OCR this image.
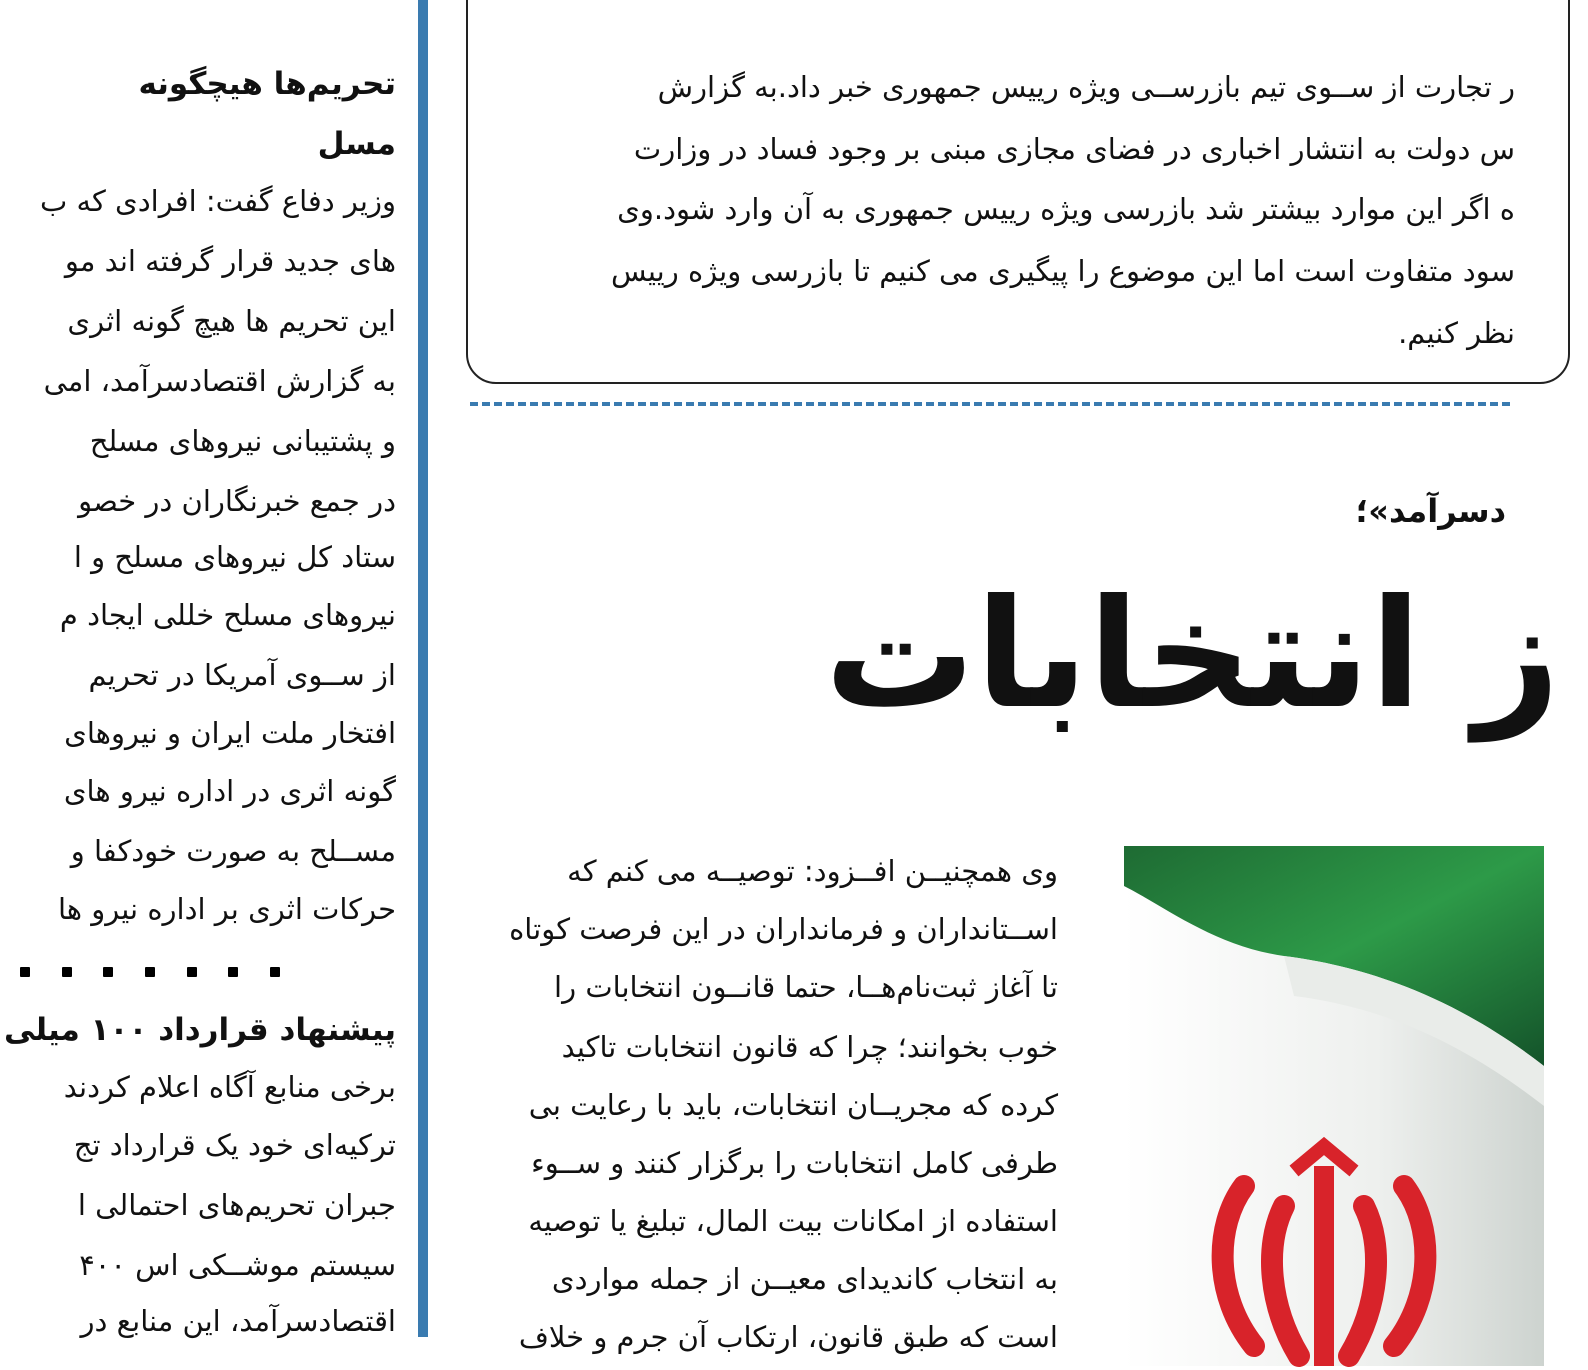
تحریم‌ها هیچگونه
مسل
وزیر دفاع گفت: افرادی که ب
های جدید قرار گرفته اند مو
این تحریم ها هیچ گونه اثری
به گزارش اقتصادسرآمد، امی
و پشتیبانی نیروهای مسلح
در جمع خبرنگاران در خصو
ستاد کل نیروهای مسلح و ا
نیروهای مسلح خللی ایجاد م
از ســوی آمریکا در تحریم
افتخار ملت ایران و نیروهای
گونه اثری در اداره نیرو های
مســلح به صورت خودکفا و
حرکات اثری بر اداره نیرو ها
پیشنهاد قرارداد ۱۰۰ میلی
برخی منابع آگاه اعلام کردند
ترکیه‌ای خود یک قرارداد تج
جبران تحریم‌های احتمالی ا
سیستم موشــکی اس ۴۰۰
اقتصادسرآمد، این منابع در
ر تجارت از ســوی تیم بازرســی ویژه رییس جمهوری خبر داد.به گزارش
س دولت به انتشار اخباری در فضای مجازی مبنی بر وجود فساد در وزارت
ه اگر این موارد بیشتر شد بازرسی ویژه رییس جمهوری به آن وارد شود.وی
سود متفاوت است اما این موضوع را پیگیری می کنیم تا بازرسی ویژه رییس
نظر کنیم.
دسرآمد»؛
ز انتخابات
وی همچنیــن افــزود: توصیــه می کنم که
اســتانداران و فرمانداران در این فرصت کوتاه
تا آغاز ثبت‌نام‌هــا، حتما قانــون انتخابات را
خوب بخوانند؛ چرا که قانون انتخابات تاکید
کرده که مجریــان انتخابات، باید با رعایت بی
طرفی کامل انتخابات را برگزار کنند و ســوء
استفاده از امکانات بیت المال، تبلیغ یا توصیه
به انتخاب کاندیدای معیــن از جمله مواردی
است که طبق قانون، ارتکاب آن جرم و خلاف
